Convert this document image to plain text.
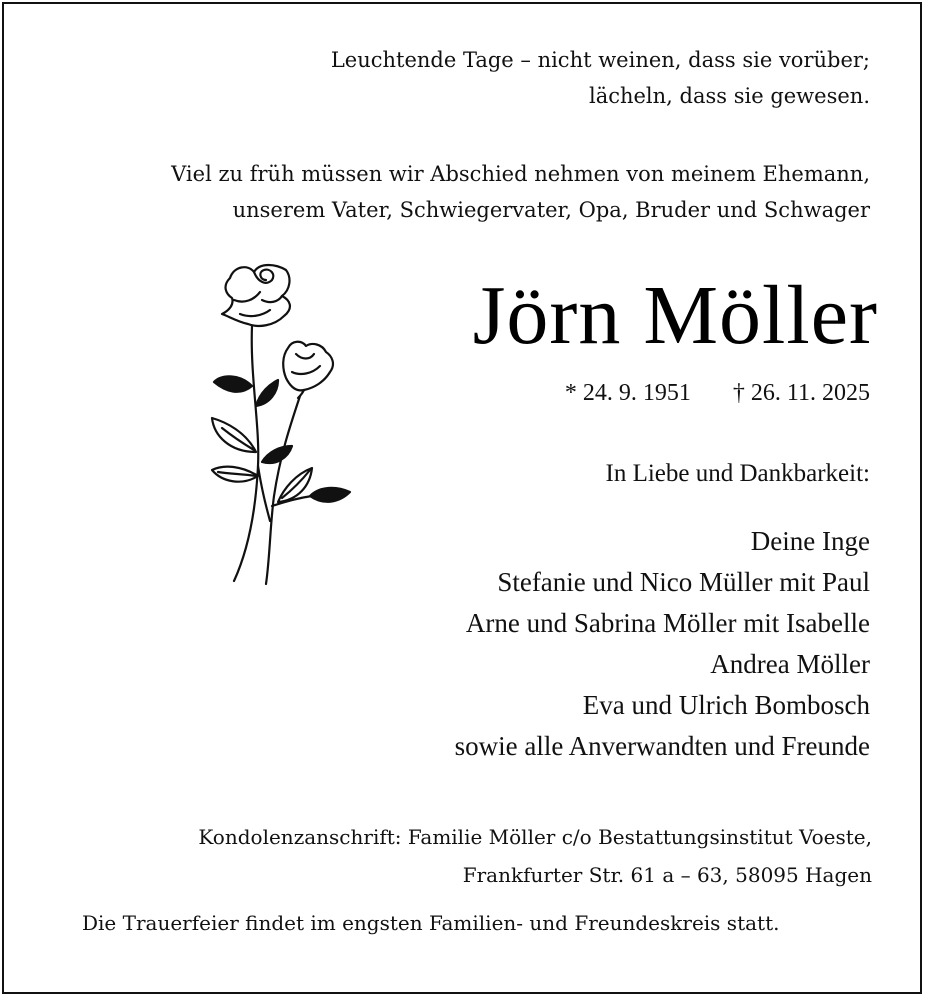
Leuchtende Tage – nicht weinen, dass sie vorüber;
lächeln, dass sie gewesen.
Viel zu früh müssen wir Abschied nehmen von meinem Ehemann,
unserem Vater, Schwiegervater, Opa, Bruder und Schwager
Jörn Möller
* 24. 9. 1951 † 26. 11. 2025
In Liebe und Dankbarkeit:
Deine Inge
Stefanie und Nico Müller mit Paul
Arne und Sabrina Möller mit Isabelle
Andrea Möller
Eva und Ulrich Bombosch
sowie alle Anverwandten und Freunde
Kondolenzanschrift: Familie Möller c/o Bestattungsinstitut Voeste,
Frankfurter Str. 61 a – 63, 58095 Hagen
Die Trauerfeier findet im engsten Familien- und Freundeskreis statt.
